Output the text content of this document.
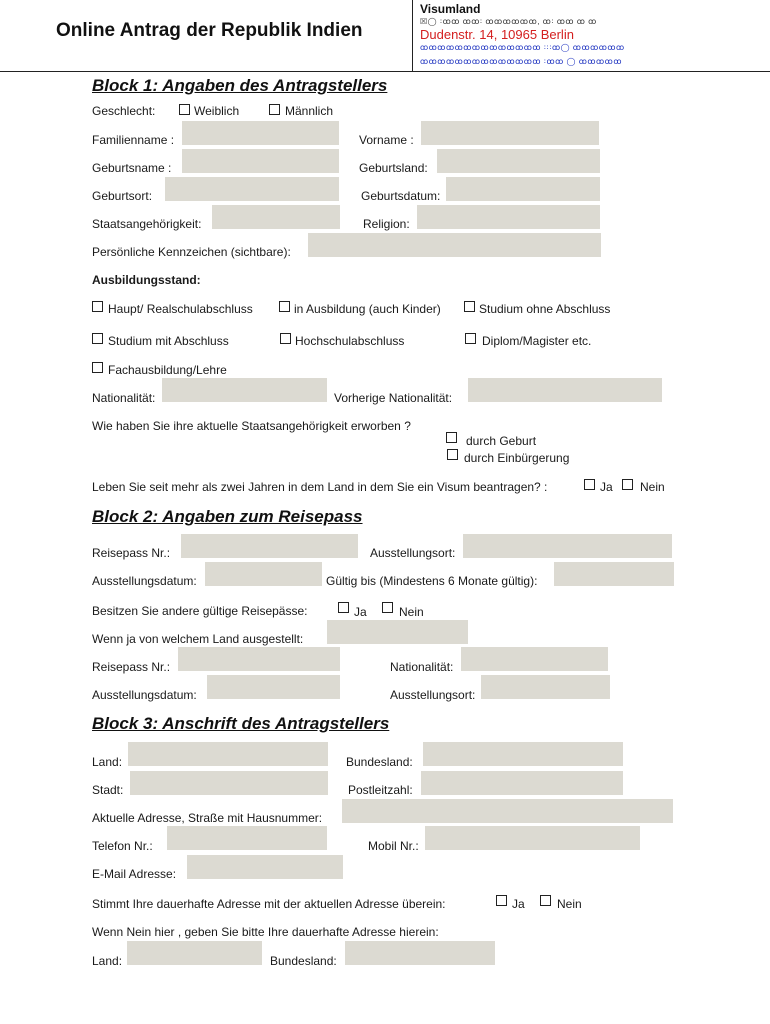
Online Antrag der Republik Indien
Visumland
☒◯ ꞉ꝏꝏ ꝏꝏ꞉ ꝏꝏꝏꝏꝏꝏ, ꝏ꞉ ꝏꝏ ꝏ ꝏ
Dudenstr. 14, 10965 Berlin
ꝏꝏꝏꝏꝏꝏꝏꝏꝏꝏꝏꝏꝏꝏ ꞉꞉꞉ꝏ◯ ꝏꝏꝏꝏꝏꝏ
ꝏꝏꝏꝏꝏꝏꝏꝏꝏꝏꝏꝏꝏꝏ ꞉ꝏꝏ ◯ ꝏꝏꝏꝏꝏ
Block 1: Angaben des Antragstellers
Geschlecht:	Weiblich	Männlich
Familienname :	Vorname :
Geburtsname :	Geburtsland:
Geburtsort:	Geburtsdatum:
Staatsangehörigkeit:	Religion:
Persönliche Kennzeichen (sichtbare):
Ausbildungsstand:
Haupt/ Realschulabschluss	in Ausbildung (auch Kinder)	Studium ohne Abschluss
Studium mit Abschluss	Hochschulabschluss	Diplom/Magister etc.
Fachausbildung/Lehre
Nationalität:	Vorherige Nationalität:
Wie haben Sie ihre aktuelle Staatsangehörigkeit erworben ?
durch Geburt
durch Einbürgerung
Leben Sie seit mehr als zwei Jahren in dem Land in dem Sie ein Visum beantragen? :	Ja Nein
Block 2: Angaben zum Reisepass
Reisepass Nr.:	Ausstellungsort:
Ausstellungsdatum:	Gültig bis (Mindestens 6 Monate gültig):
Besitzen Sie andere gültige Reisepässe:	Ja	Nein
Wenn ja von welchem Land ausgestellt:
Reisepass Nr.:	Nationalität:
Ausstellungsdatum:	Ausstellungsort:
Block 3: Anschrift des Antragstellers
Land:	Bundesland:
Stadt:	Postleitzahl:
Aktuelle Adresse, Straße mit Hausnummer:
Telefon Nr.:	Mobil Nr.:
E-Mail Adresse:
Stimmt Ihre dauerhafte Adresse mit der aktuellen Adresse überein:	Ja	Nein
Wenn Nein hier , geben Sie bitte Ihre dauerhafte Adresse hierein:
Land:	Bundesland:
